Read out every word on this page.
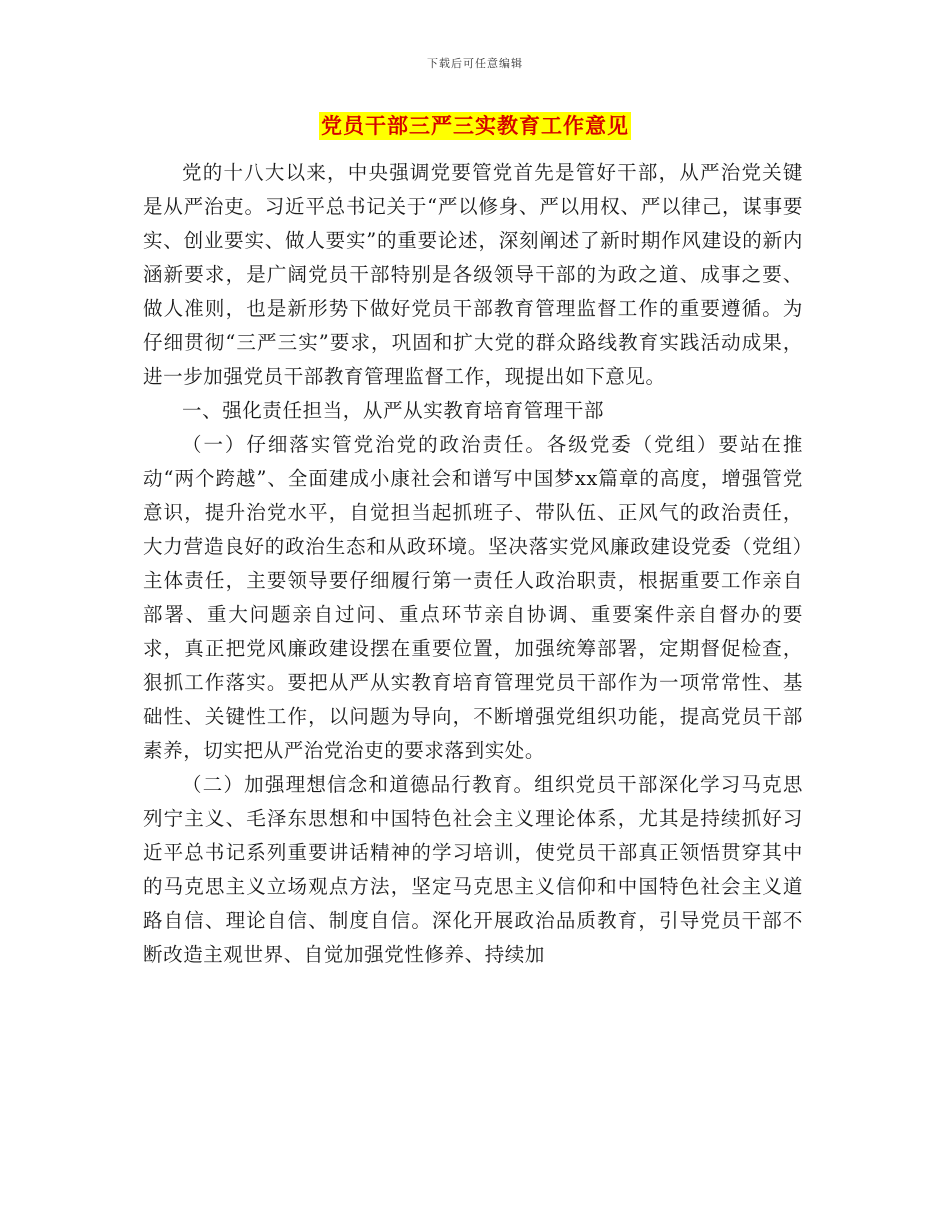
下载后可任意编辑
党员干部三严三实教育工作意见

党的十八大以来，中央强调党要管党首先是管好干部，从严治党关键是从严治吏。习近平总书记关于“严以修身、严以用权、严以律己，谋事要实、创业要实、做人要实”的重要论述，深刻阐述了新时期作风建设的新内涵新要求，是广阔党员干部特别是各级领导干部的为政之道、成事之要、做人准则，也是新形势下做好党员干部教育管理监督工作的重要遵循。为仔细贯彻“三严三实”要求，巩固和扩大党的群众路线教育实践活动成果，进一步加强党员干部教育管理监督工作，现提出如下意见。

一、强化责任担当，从严从实教育培育管理干部

（一）仔细落实管党治党的政治责任。各级党委（党组）要站在推动“两个跨越”、全面建成小康社会和谱写中国梦xx篇章的高度，增强管党意识，提升治党水平，自觉担当起抓班子、带队伍、正风气的政治责任，大力营造良好的政治生态和从政环境。坚决落实党风廉政建设党委（党组）主体责任，主要领导要仔细履行第一责任人政治职责，根据重要工作亲自部署、重大问题亲自过问、重点环节亲自协调、重要案件亲自督办的要求，真正把党风廉政建设摆在重要位置，加强统筹部署，定期督促检查，狠抓工作落实。要把从严从实教育培育管理党员干部作为一项常常性、基础性、关键性工作，以问题为导向，不断增强党组织功能，提高党员干部素养，切实把从严治党治吏的要求落到实处。

（二）加强理想信念和道德品行教育。组织党员干部深化学习马克思列宁主义、毛泽东思想和中国特色社会主义理论体系，尤其是持续抓好习近平总书记系列重要讲话精神的学习培训，使党员干部真正领悟贯穿其中的马克思主义立场观点方法，坚定马克思主义信仰和中国特色社会主义道路自信、理论自信、制度自信。深化开展政治品质教育，引导党员干部不断改造主观世界、自觉加强党性修养、持续加
